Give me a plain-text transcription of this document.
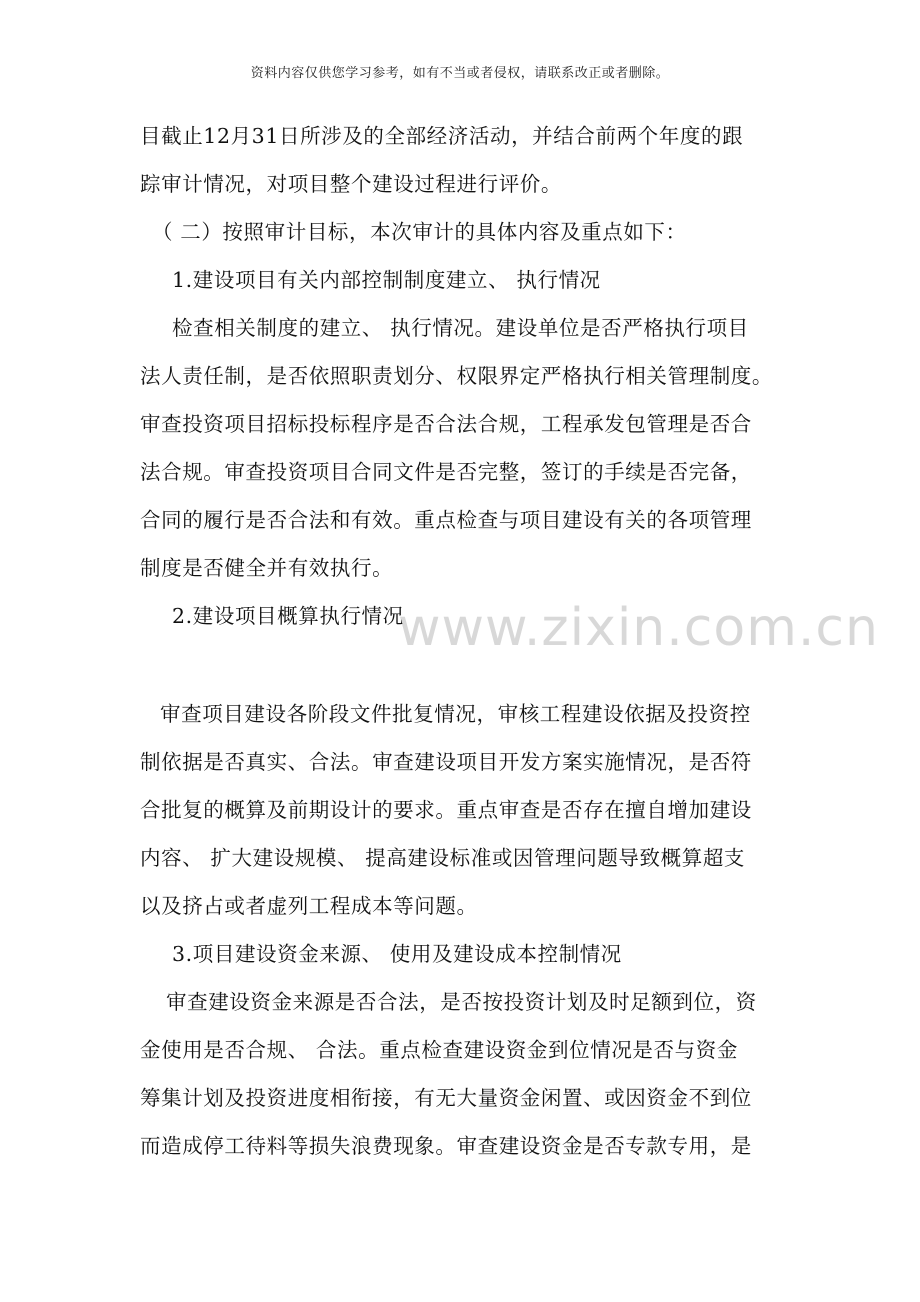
资料内容仅供您学习参考，如有不当或者侵权，请联系改正或者删除。
www.zixin.com.cn
目截止12月31日所涉及的全部经济活动，并结合前两个年度的跟
踪审计情况，对项目整个建设过程进行评价。
（ 二）按照审计目标，本次审计的具体内容及重点如下：
1.建设项目有关内部控制制度建立、 执行情况
检查相关制度的建立、 执行情况。建设单位是否严格执行项目
法人责任制，是否依照职责划分、权限界定严格执行相关管理制度。
审查投资项目招标投标程序是否合法合规，工程承发包管理是否合
法合规。审查投资项目合同文件是否完整，签订的手续是否完备，
合同的履行是否合法和有效。重点检查与项目建设有关的各项管理
制度是否健全并有效执行。
2.建设项目概算执行情况
审查项目建设各阶段文件批复情况，审核工程建设依据及投资控
制依据是否真实、合法。审查建设项目开发方案实施情况，是否符
合批复的概算及前期设计的要求。重点审查是否存在擅自增加建设
内容、 扩大建设规模、 提高建设标准或因管理问题导致概算超支
以及挤占或者虚列工程成本等问题。
3.项目建设资金来源、 使用及建设成本控制情况
审查建设资金来源是否合法，是否按投资计划及时足额到位，资
金使用是否合规、 合法。重点检查建设资金到位情况是否与资金
筹集计划及投资进度相衔接，有无大量资金闲置、或因资金不到位
而造成停工待料等损失浪费现象。审查建设资金是否专款专用，是
